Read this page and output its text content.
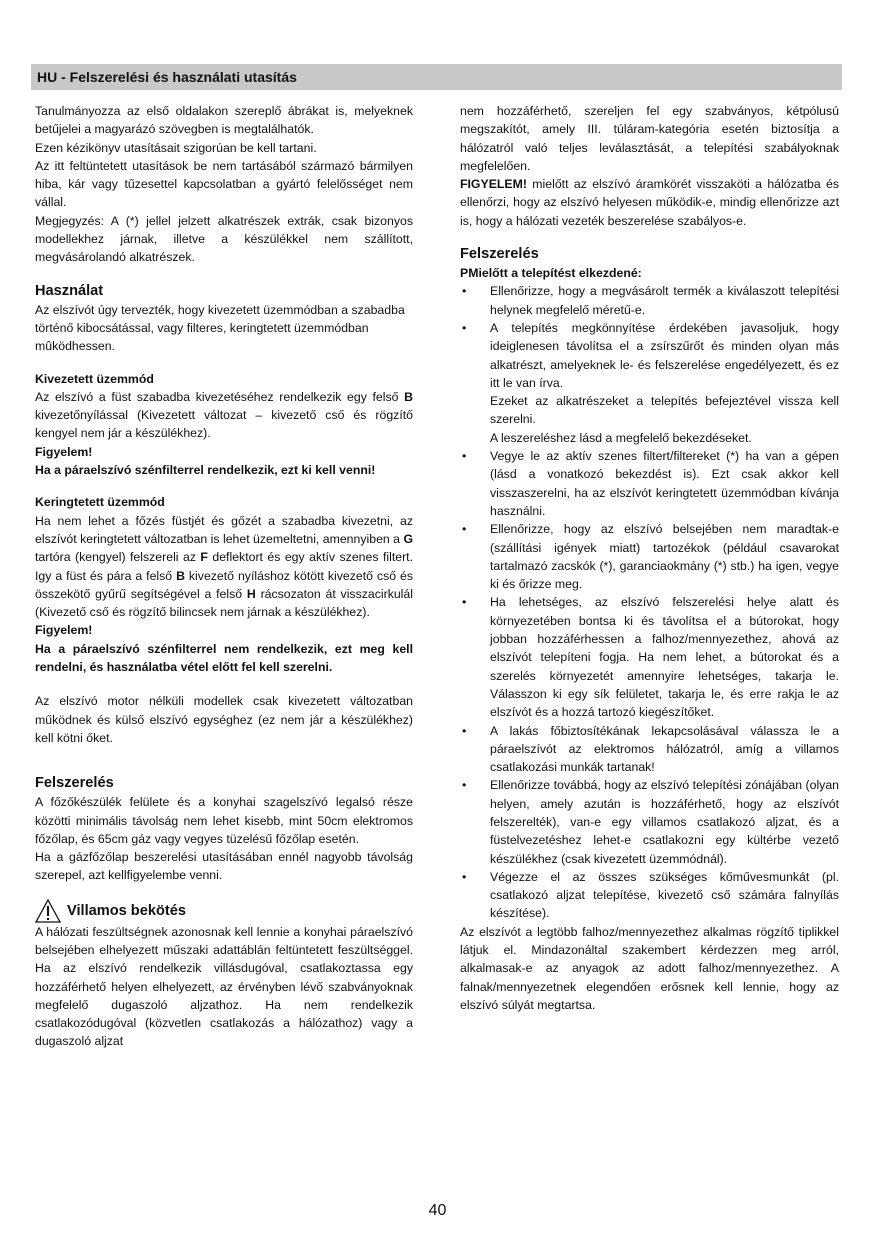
HU - Felszerelési és használati utasítás

Tanulmányozza az első oldalakon szereplő ábrákat is, melyeknek betűjelei a magyarázó szövegben is megtalálhatók.

Ezen kézikönyv utasításait szigorúan be kell tartani.

Az itt feltüntetett utasítások be nem tartásából származó bármilyen hiba, kár vagy tűzesettel kapcsolatban a gyártó felelősséget nem vállal.

Megjegyzés: A (*) jellel jelzett alkatrészek extrák, csak bizonyos modellekhez járnak, illetve a készülékkel nem szállított, megvásárolandó alkatrészek.

Használat

Az elszívót úgy tervezték, hogy kivezetett üzemmódban a szabadba történő kibocsátással, vagy filteres, keringtetett üzemmódban mûködhessen.

Kivezetett üzemmód

Az elszívó a füst szabadba kivezetéséhez rendelkezik egy felső B kivezetőnyílással (Kivezetett változat – kivezető cső és rögzítő kengyel nem jár a készülékhez).

Figyelem!

Ha a páraelszívó szénfilterrel rendelkezik, ezt ki kell venni!

Keringtetett üzemmód

Ha nem lehet a főzés füstjét és gőzét a szabadba kivezetni, az elszívót keringtetett változatban is lehet üzemeltetni, amennyiben a G tartóra (kengyel) felszereli az F deflektort és egy aktív szenes filtert. Igy a füst és pára a felső B kivezető nyíláshoz kötött kivezető cső és összekötő gyűrű segítségével a felső H rácsozaton át visszacirkulál (Kivezető cső és rögzítő bilincsek nem járnak a készülékhez).

Figyelem!

Ha a páraelszívó szénfilterrel nem rendelkezik, ezt meg kell rendelni, és használatba vétel előtt fel kell szerelni.

Az elszívó motor nélküli modellek csak kivezetett változatban működnek és külső elszívó egységhez (ez nem jár a készülékhez) kell kötni őket.

Felszerelés

A főzőkészülék felülete és a konyhai szagelszívó legalsó része közötti minimális távolság nem lehet kisebb, mint 50cm elektromos főzőlap, és 65cm gáz vagy vegyes tüzelésű főzőlap esetén.

Ha a gázfőzőlap beszerelési utasításában ennél nagyobb távolság szerepel, azt kellfigyelembe venni.

Villamos bekötés

A hálózati feszültségnek azonosnak kell lennie a konyhai páraelszívó belsejében elhelyezett műszaki adattáblán feltüntetett feszültséggel. Ha az elszívó rendelkezik villásdugóval, csatlakoztassa egy hozzáférhető helyen elhelyezett, az érvényben lévő szabványoknak megfelelő dugaszoló aljzathoz. Ha nem rendelkezik csatlakozódugóval (közvetlen csatlakozás a hálózathoz) vagy a dugaszoló aljzat

nem hozzáférhető, szereljen fel egy szabványos, kétpólusú megszakítót, amely III. túláram-kategória esetén biztosítja a hálózatról való teljes leválasztását, a telepítési szabályoknak megfelelően.

FIGYELEM! mielőtt az elszívó áramkörét visszaköti a hálózatba és ellenőrzi, hogy az elszívó helyesen működik-e, mindig ellenőrizze azt is, hogy a hálózati vezeték beszerelése szabályos-e.

Felszerelés

PMielőtt a telepítést elkezdené:

• Ellenőrizze, hogy a megvásárolt termék a kiválaszott telepítési helynek megfelelő méretű-e.
• A telepítés megkönnyítése érdekében javasoljuk, hogy ideiglenesen távolítsa el a zsírszűrőt és minden olyan más alkatrészt, amelyeknek le- és felszerelése engedélyezett, és ez itt le van írva.
Ezeket az alkatrészeket a telepítés befejeztével vissza kell szerelni.
A leszereléshez lásd a megfelelő bekezdéseket.
• Vegye le az aktív szenes filtert/filtereket (*) ha van a gépen (lásd a vonatkozó bekezdést is). Ezt csak akkor kell visszaszerelni, ha az elszívót keringtetett üzemmódban kívánja használni.
• Ellenőrizze, hogy az elszívó belsejében nem maradtak-e (szállítási igények miatt) tartozékok (például csavarokat tartalmazó zacskók (*), garanciaokmány (*) stb.) ha igen, vegye ki és őrizze meg.
• Ha lehetséges, az elszívó felszerelési helye alatt és környezetében bontsa ki és távolítsa el a bútorokat, hogy jobban hozzáférhessen a falhoz/mennyezethez, ahová az elszívót telepíteni fogja. Ha nem lehet, a bútorokat és a szerelés környezetét amennyire lehetséges, takarja le. Válasszon ki egy sík felületet, takarja le, és erre rakja le az elszívót és a hozzá tartozó kiegészítőket.
• A lakás főbiztosítékának lekapcsolásával válassza le a páraelszívót az elektromos hálózatról, amíg a villamos csatlakozási munkák tartanak!
• Ellenőrizze továbbá, hogy az elszívó telepítési zónájában (olyan helyen, amely azután is hozzáférhető, hogy az elszívót felszerelték), van-e egy villamos csatlakozó aljzat, és a füstelvezetéshez lehet-e csatlakozni egy kültérbe vezető készülékhez (csak kivezetett üzemmódnál).
• Végezze el az összes szükséges kőművesmunkát (pl. csatlakozó aljzat telepítése, kivezető cső számára falnyílás készítése).

Az elszívót a legtöbb falhoz/mennyezethez alkalmas rögzítő tiplikkel látjuk el. Mindazonáltal szakembert kérdezzen meg arról, alkalmasak-e az anyagok az adott falhoz/mennyezethez. A falnak/mennyezetnek elegendően erősnek kell lennie, hogy az elszívó súlyát megtartsa.

40
